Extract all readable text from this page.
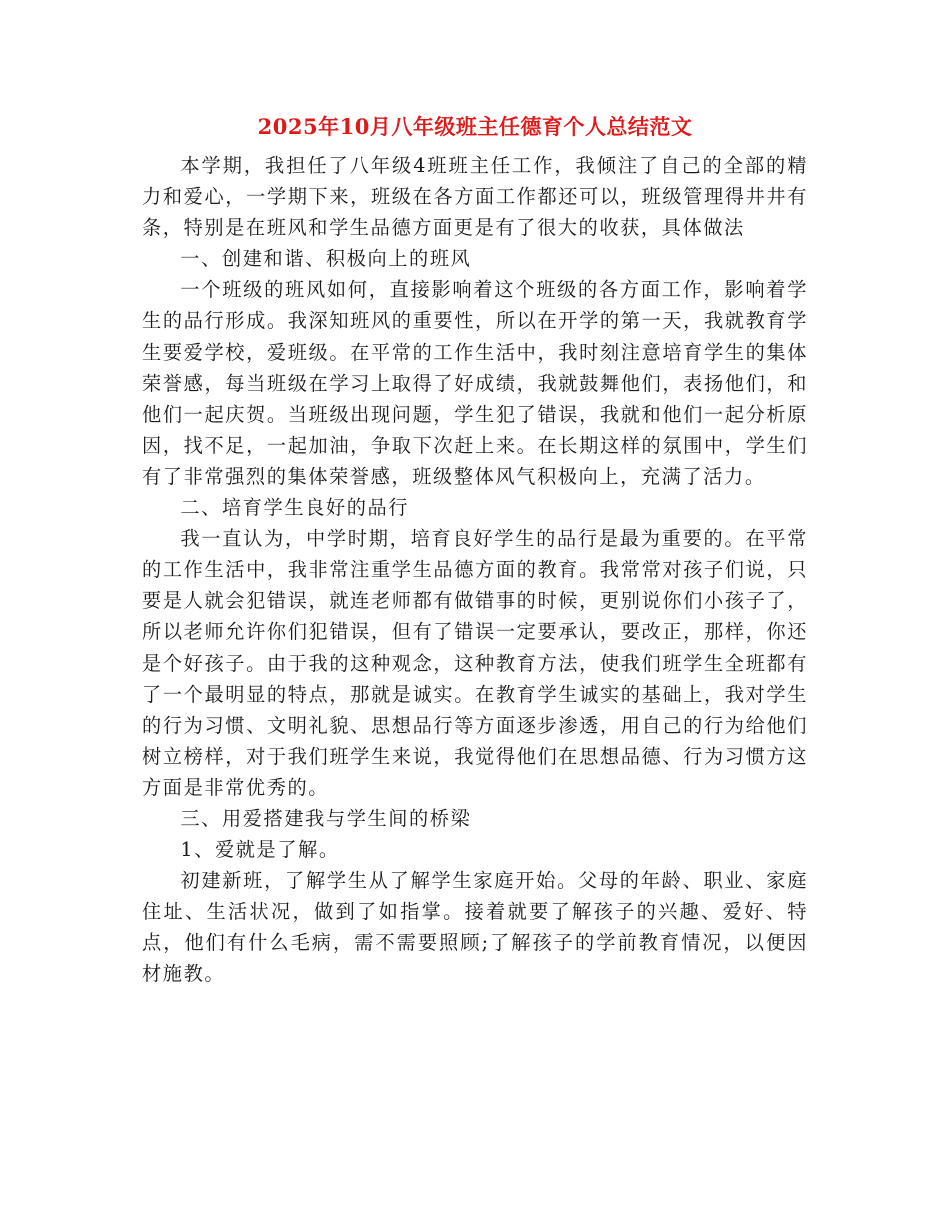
2025年10月八年级班主任德育个人总结范文

本学期，我担任了八年级4班班主任工作，我倾注了自己的全部的精力和爱心，一学期下来，班级在各方面工作都还可以，班级管理得井井有条，特别是在班风和学生品德方面更是有了很大的收获，具体做法

一、创建和谐、积极向上的班风

一个班级的班风如何，直接影响着这个班级的各方面工作，影响着学生的品行形成。我深知班风的重要性，所以在开学的第一天，我就教育学生要爱学校，爱班级。在平常的工作生活中，我时刻注意培育学生的集体荣誉感，每当班级在学习上取得了好成绩，我就鼓舞他们，表扬他们，和他们一起庆贺。当班级出现问题，学生犯了错误，我就和他们一起分析原因，找不足，一起加油，争取下次赶上来。在长期这样的氛围中，学生们有了非常强烈的集体荣誉感，班级整体风气积极向上，充满了活力。

二、培育学生良好的品行

我一直认为，中学时期，培育良好学生的品行是最为重要的。在平常的工作生活中，我非常注重学生品德方面的教育。我常常对孩子们说，只要是人就会犯错误，就连老师都有做错事的时候，更别说你们小孩子了，所以老师允许你们犯错误，但有了错误一定要承认，要改正，那样，你还是个好孩子。由于我的这种观念，这种教育方法，使我们班学生全班都有了一个最明显的特点，那就是诚实。在教育学生诚实的基础上，我对学生的行为习惯、文明礼貌、思想品行等方面逐步渗透，用自己的行为给他们树立榜样，对于我们班学生来说，我觉得他们在思想品德、行为习惯方这方面是非常优秀的。

三、用爱搭建我与学生间的桥梁

1、爱就是了解。

初建新班，了解学生从了解学生家庭开始。父母的年龄、职业、家庭住址、生活状况，做到了如指掌。接着就要了解孩子的兴趣、爱好、特点，他们有什么毛病，需不需要照顾;了解孩子的学前教育情况，以便因材施教。
